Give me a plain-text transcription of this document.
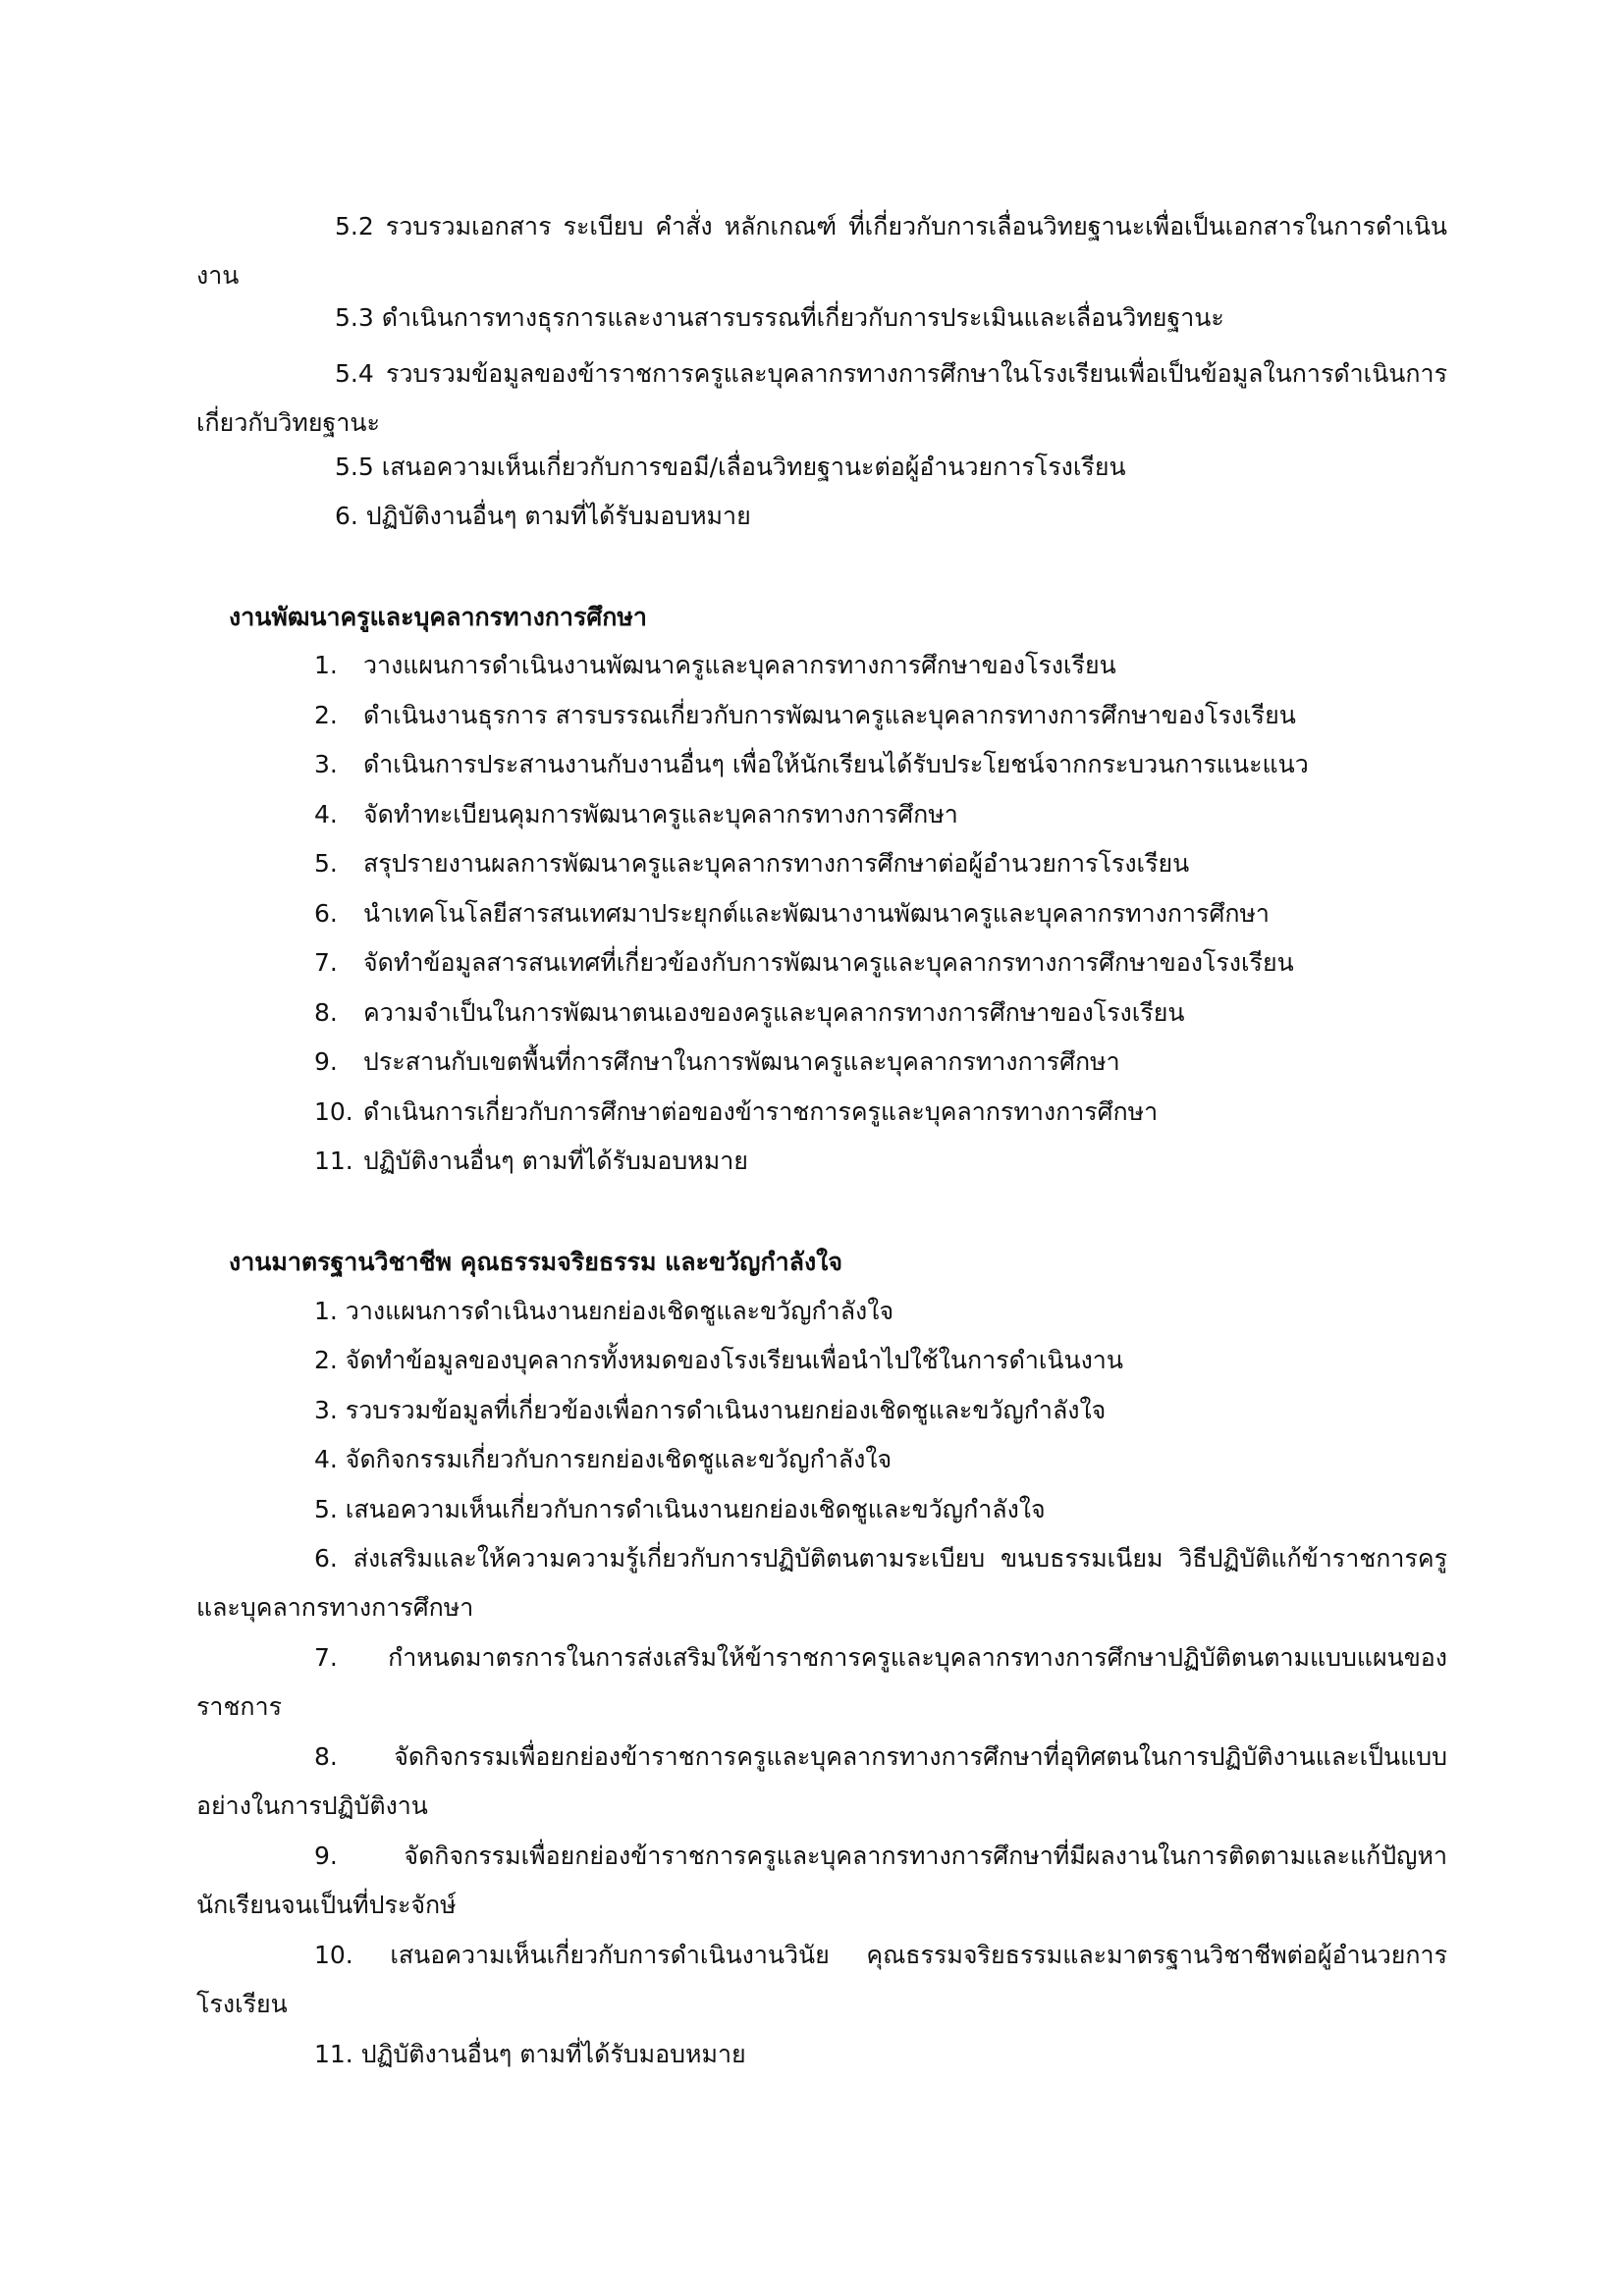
5.2 รวบรวมเอกสาร ระเบียบ คำสั่ง หลักเกณฑ์ ที่เกี่ยวกับการเลื่อนวิทยฐานะเพื่อเป็นเอกสารในการดำเนินงาน

5.3 ดำเนินการทางธุรการและงานสารบรรณที่เกี่ยวกับการประเมินและเลื่อนวิทยฐานะ

5.4 รวบรวมข้อมูลของข้าราชการครูและบุคลากรทางการศึกษาในโรงเรียนเพื่อเป็นข้อมูลในการดำเนินการเกี่ยวกับวิทยฐานะ

5.5 เสนอความเห็นเกี่ยวกับการขอมี/เลื่อนวิทยฐานะต่อผู้อำนวยการโรงเรียน
6. ปฏิบัติงานอื่นๆ ตามที่ได้รับมอบหมาย
งานพัฒนาครูและบุคลากรทางการศึกษา
1. วางแผนการดำเนินงานพัฒนาครูและบุคลากรทางการศึกษาของโรงเรียน
2. ดำเนินงานธุรการ สารบรรณเกี่ยวกับการพัฒนาครูและบุคลากรทางการศึกษาของโรงเรียน
3. ดำเนินการประสานงานกับงานอื่นๆ เพื่อให้นักเรียนได้รับประโยชน์จากกระบวนการแนะแนว
4. จัดทำทะเบียนคุมการพัฒนาครูและบุคลากรทางการศึกษา
5. สรุปรายงานผลการพัฒนาครูและบุคลากรทางการศึกษาต่อผู้อำนวยการโรงเรียน
6. นำเทคโนโลยีสารสนเทศมาประยุกต์และพัฒนางานพัฒนาครูและบุคลากรทางการศึกษา
7. จัดทำข้อมูลสารสนเทศที่เกี่ยวข้องกับการพัฒนาครูและบุคลากรทางการศึกษาของโรงเรียน
8. ความจำเป็นในการพัฒนาตนเองของครูและบุคลากรทางการศึกษาของโรงเรียน
9. ประสานกับเขตพื้นที่การศึกษาในการพัฒนาครูและบุคลากรทางการศึกษา
10. ดำเนินการเกี่ยวกับการศึกษาต่อของข้าราชการครูและบุคลากรทางการศึกษา
11. ปฏิบัติงานอื่นๆ ตามที่ได้รับมอบหมาย
งานมาตรฐานวิชาชีพ คุณธรรมจริยธรรม และขวัญกำลังใจ
1. วางแผนการดำเนินงานยกย่องเชิดชูและขวัญกำลังใจ
2. จัดทำข้อมูลของบุคลากรทั้งหมดของโรงเรียนเพื่อนำไปใช้ในการดำเนินงาน
3. รวบรวมข้อมูลที่เกี่ยวข้องเพื่อการดำเนินงานยกย่องเชิดชูและขวัญกำลังใจ
4. จัดกิจกรรมเกี่ยวกับการยกย่องเชิดชูและขวัญกำลังใจ
5. เสนอความเห็นเกี่ยวกับการดำเนินงานยกย่องเชิดชูและขวัญกำลังใจ

6. ส่งเสริมและให้ความความรู้เกี่ยวกับการปฏิบัติตนตามระเบียบ ขนบธรรมเนียม วิธีปฏิบัติแก้ข้าราชการครูและบุคลากรทางการศึกษา

7. กำหนดมาตรการในการส่งเสริมให้ข้าราชการครูและบุคลากรทางการศึกษาปฏิบัติตนตามแบบแผนของราชการ

8. จัดกิจกรรมเพื่อยกย่องข้าราชการครูและบุคลากรทางการศึกษาที่อุทิศตนในการปฏิบัติงานและเป็นแบบอย่างในการปฏิบัติงาน

9. จัดกิจกรรมเพื่อยกย่องข้าราชการครูและบุคลากรทางการศึกษาที่มีผลงานในการติดตามและแก้ปัญหานักเรียนจนเป็นที่ประจักษ์

10. เสนอความเห็นเกี่ยวกับการดำเนินงานวินัย คุณธรรมจริยธรรมและมาตรฐานวิชาชีพต่อผู้อำนวยการโรงเรียน

11. ปฏิบัติงานอื่นๆ ตามที่ได้รับมอบหมาย
